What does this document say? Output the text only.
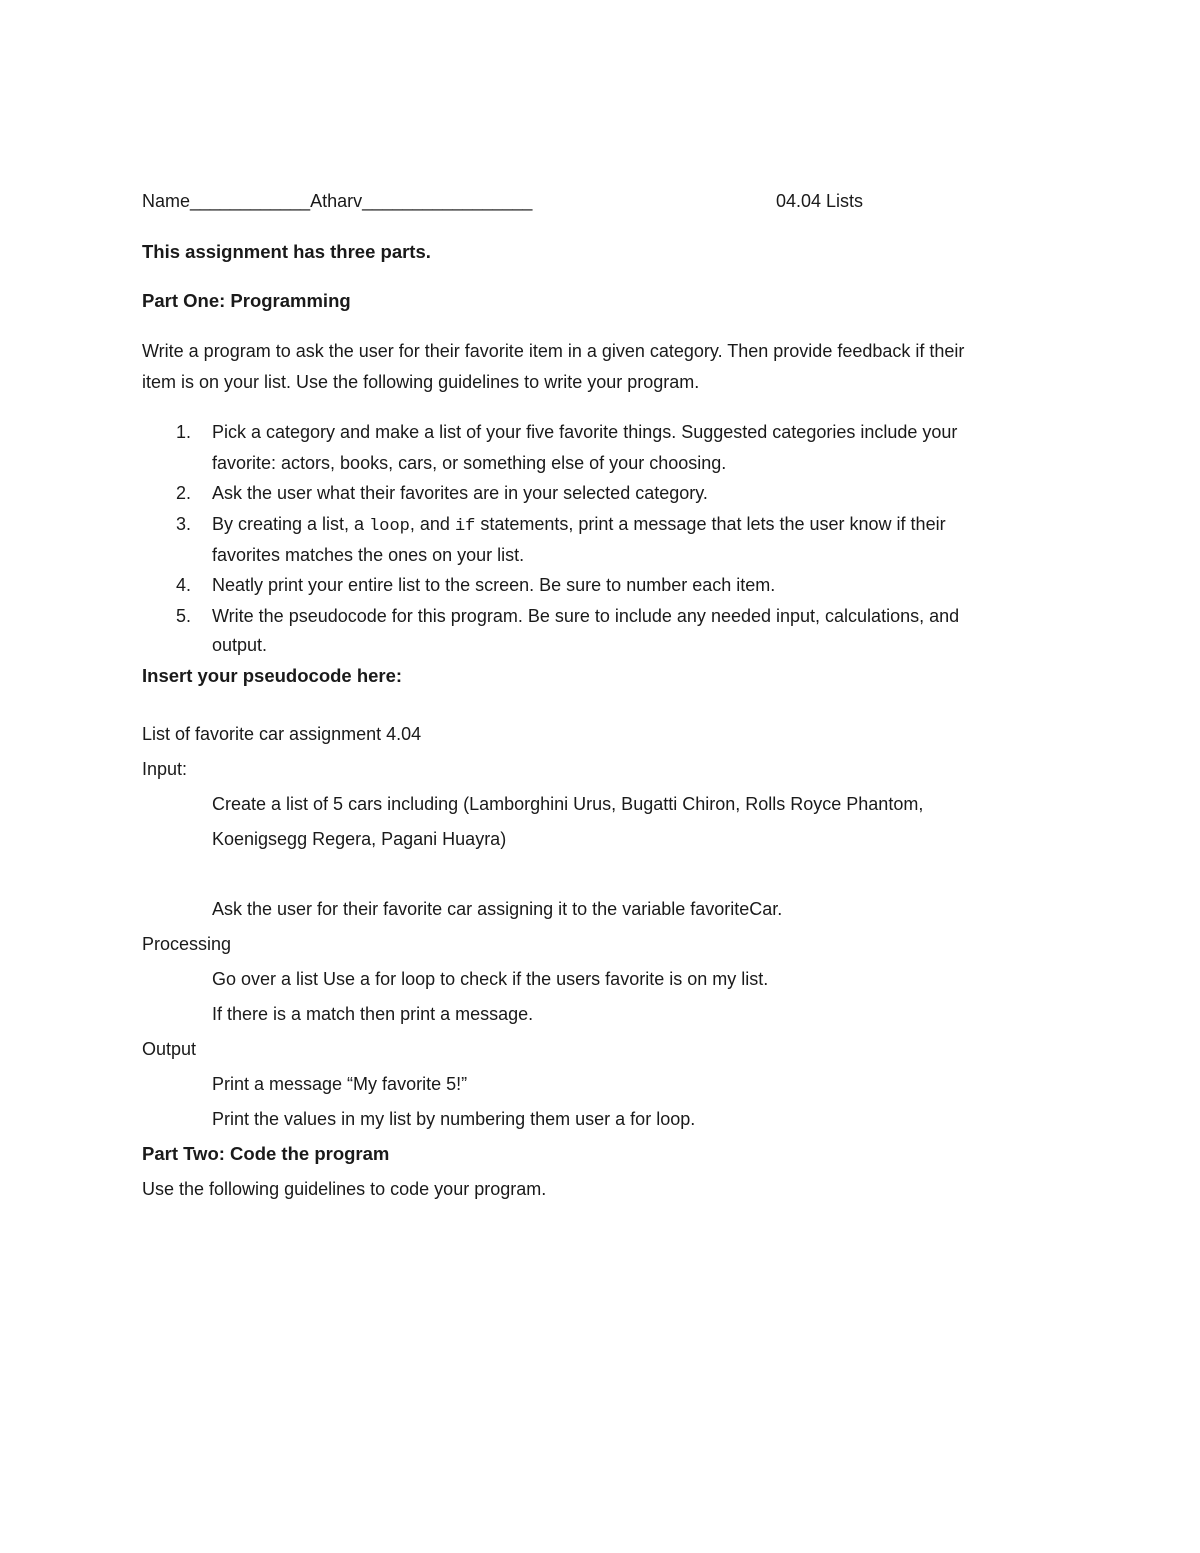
Name____________Atharv_________________	04.04 Lists
This assignment has three parts.
Part One: Programming
Write a program to ask the user for their favorite item in a given category. Then provide feedback if their
item is on your list. Use the following guidelines to write your program.
1. Pick a category and make a list of your five favorite things. Suggested categories include your
favorite: actors, books, cars, or something else of your choosing.
2. Ask the user what their favorites are in your selected category.
3. By creating a list, a loop, and if statements, print a message that lets the user know if their
favorites matches the ones on your list.
4. Neatly print your entire list to the screen. Be sure to number each item.
5. Write the pseudocode for this program. Be sure to include any needed input, calculations, and
output.
Insert your pseudocode here:
List of favorite car assignment 4.04
Input:
Create a list of 5 cars including (Lamborghini Urus, Bugatti Chiron, Rolls Royce Phantom,
Koenigsegg Regera, Pagani Huayra)
Ask the user for their favorite car assigning it to the variable favoriteCar.
Processing
Go over a list Use a for loop to check if the users favorite is on my list.
If there is a match then print a message.
Output
Print a message “My favorite 5!”
Print the values in my list by numbering them user a for loop.
Part Two: Code the program
Use the following guidelines to code your program.
